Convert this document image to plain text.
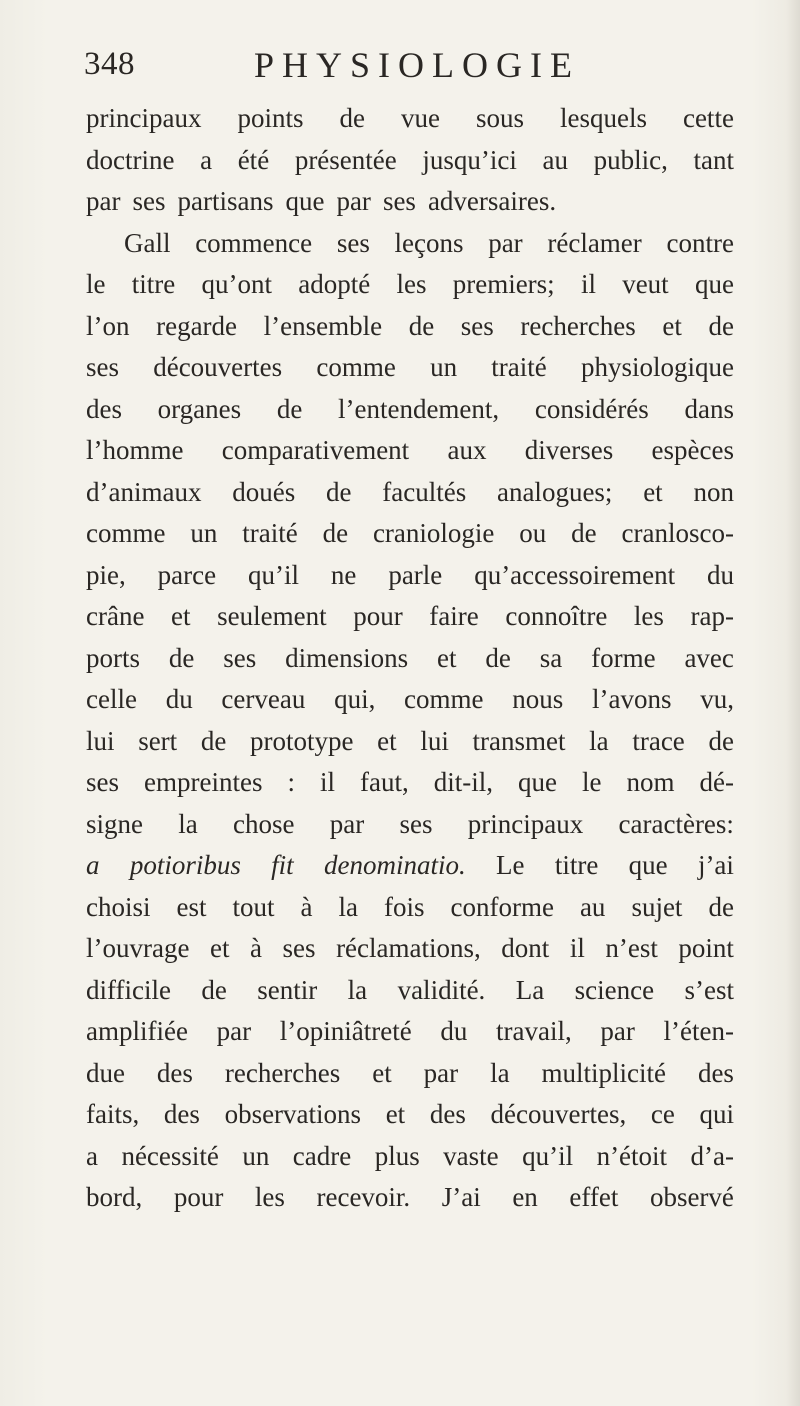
348	PHYSIOLOGIE
principaux points de vue sous lesquels cette
doctrine a été présentée jusqu’ici au public, tant
par ses partisans que par ses adversaires.
Gall commence ses leçons par réclamer contre
le titre qu’ont adopté les premiers; il veut que
l’on regarde l’ensemble de ses recherches et de
ses découvertes comme un traité physiologique
des organes de l’entendement, considérés dans
l’homme comparativement aux diverses espèces
d’animaux doués de facultés analogues; et non
comme un traité de craniologie ou de cranlosco-
pie, parce qu’il ne parle qu’accessoirement du
crâne et seulement pour faire connoître les rap-
ports de ses dimensions et de sa forme avec
celle du cerveau qui, comme nous l’avons vu,
lui sert de prototype et lui transmet la trace de
ses empreintes : il faut, dit-il, que le nom dé-
signe la chose par ses principaux caractères:
a potioribus fit denominatio. Le titre que j’ai
choisi est tout à la fois conforme au sujet de
l’ouvrage et à ses réclamations, dont il n’est point
difficile de sentir la validité. La science s’est
amplifiée par l’opiniâtreté du travail, par l’éten-
due des recherches et par la multiplicité des
faits, des observations et des découvertes, ce qui
a nécessité un cadre plus vaste qu’il n’étoit d’a-
bord, pour les recevoir. J’ai en effet observé
